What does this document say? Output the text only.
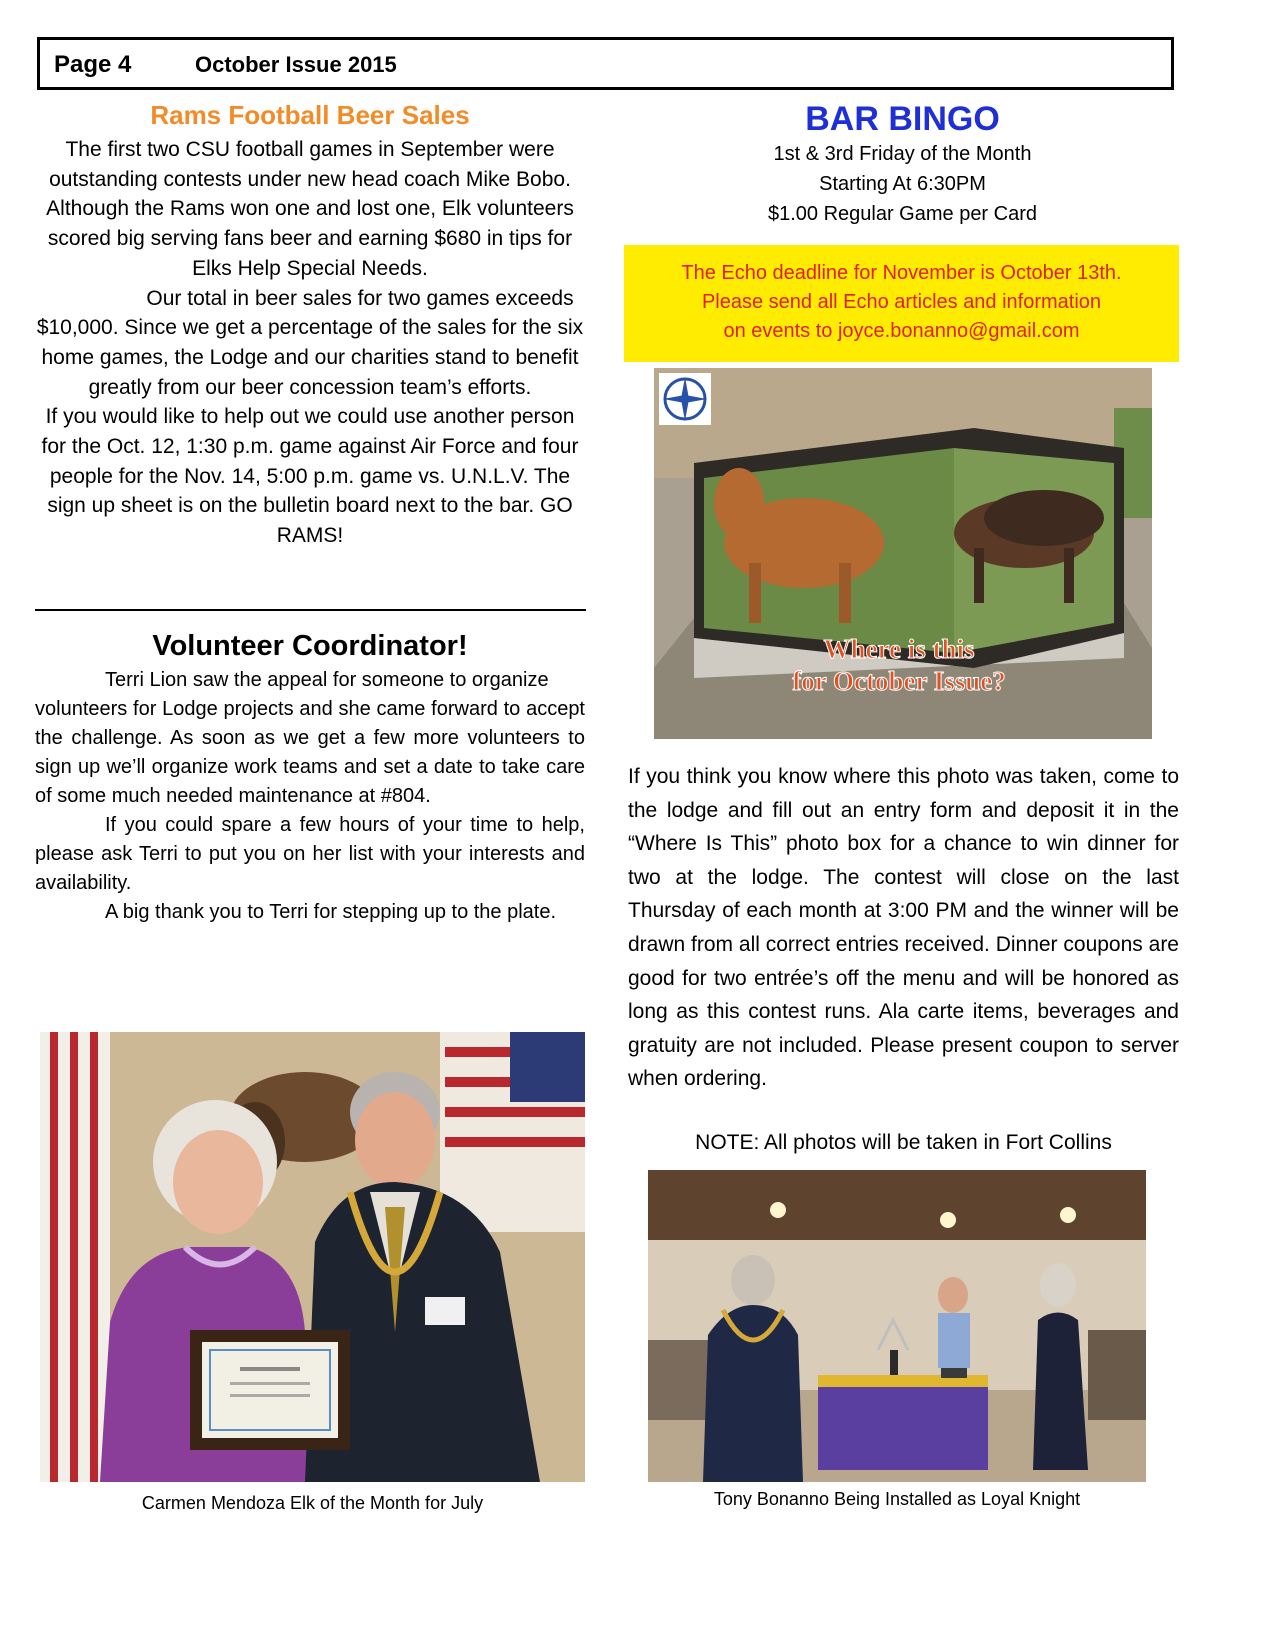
Page 4	October Issue 2015
Rams Football Beer Sales

The first two CSU football games in September were outstanding contests under new head coach Mike Bobo. Although the Rams won one and lost one, Elk volunteers scored big serving fans beer and earning $680 in tips for Elks Help Special Needs.

Our total in beer sales for two games exceeds $10,000. Since we get a percentage of the sales for the six home games, the Lodge and our charities stand to benefit greatly from our beer concession team’s efforts.

If you would like to help out we could use another person for the Oct. 12, 1:30 p.m. game against Air Force and four people for the Nov. 14, 5:00 p.m. game vs. U.N.L.V. The sign up sheet is on the bulletin board next to the bar. GO RAMS!

Volunteer Coordinator!

Terri Lion saw the appeal for someone to organize

volunteers for Lodge projects and she came forward to accept the challenge. As soon as we get a few more volunteers to sign up we’ll organize work teams and set a date to take care of some much needed maintenance at #804.

If you could spare a few hours of your time to help, please ask Terri to put you on her list with your interests and availability.

A big thank you to Terri for stepping up to the plate.

Carmen Mendoza Elk of the Month for July
BAR BINGO
1st & 3rd Friday of the Month
Starting At 6:30PM
$1.00 Regular Game per Card
The Echo deadline for November is October 13th.
Please send all Echo articles and information
on events to joyce.bonanno@gmail.com
Where is this
for October Issue?
If you think you know where this photo was taken, come to the lodge and fill out an entry form and deposit it in the “Where Is This” photo box for a chance to win dinner for two at the lodge. The contest will close on the last Thursday of each month at 3:00 PM and the winner will be drawn from all correct entries received. Dinner coupons are good for two entrée’s off the menu and will be honored as long as this contest runs. Ala carte items, beverages and gratuity are not included. Please present coupon to server when ordering.
NOTE: All photos will be taken in Fort Collins
Tony Bonanno Being Installed as Loyal Knight
